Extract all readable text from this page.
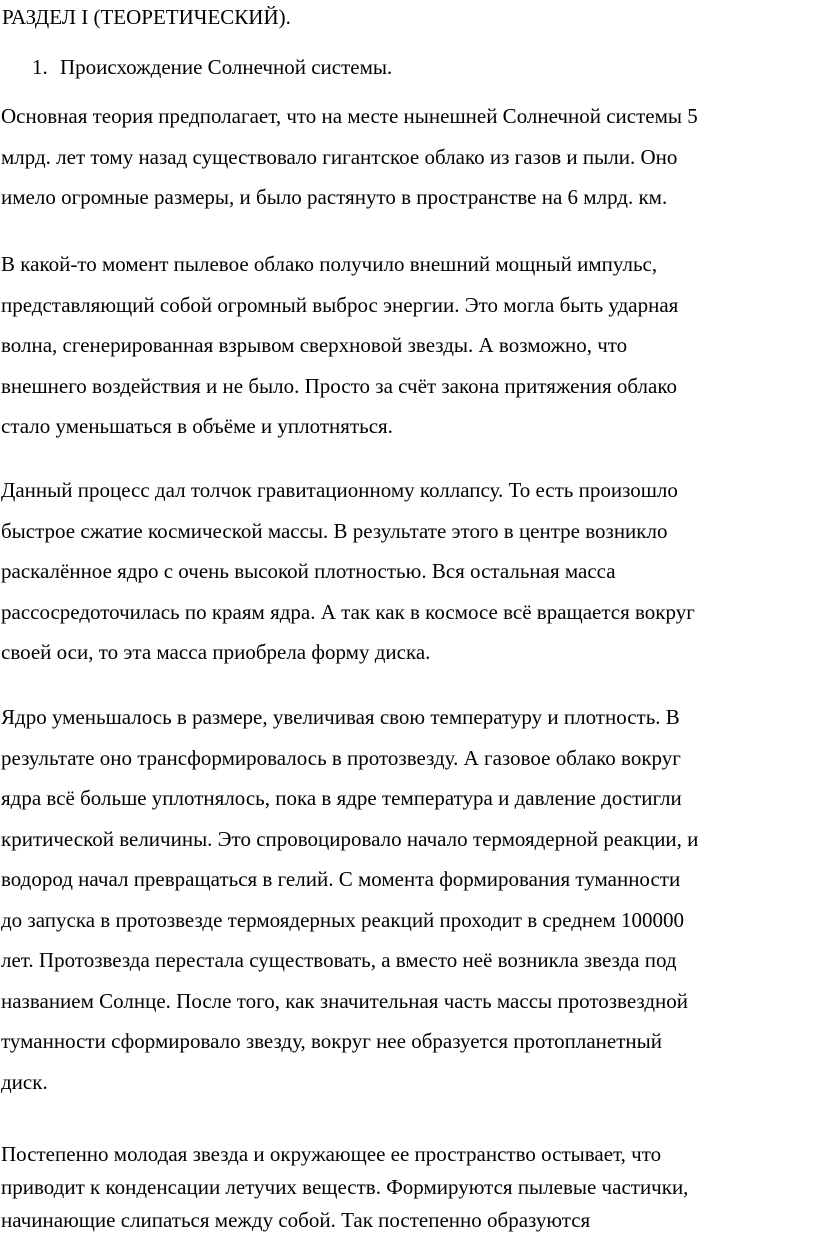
РАЗДЕЛ I (ТЕОРЕТИЧЕСКИЙ).

1. Происхождение Солнечной системы.

Основная теория предполагает, что на месте нынешней Солнечной системы 5
млрд. лет тому назад существовало гигантское облако из газов и пыли. Оно
имело огромные размеры, и было растянуто в пространстве на 6 млрд. км.

В какой-то момент пылевое облако получило внешний мощный импульс,
представляющий собой огромный выброс энергии. Это могла быть ударная
волна, сгенерированная взрывом сверхновой звезды. А возможно, что
внешнего воздействия и не было. Просто за счёт закона притяжения облако
стало уменьшаться в объёме и уплотняться.

Данный процесс дал толчок гравитационному коллапсу. То есть произошло
быстрое сжатие космической массы. В результате этого в центре возникло
раскалённое ядро с очень высокой плотностью. Вся остальная масса
рассосредоточилась по краям ядра. А так как в космосе всё вращается вокруг
своей оси, то эта масса приобрела форму диска.

Ядро уменьшалось в размере, увеличивая свою температуру и плотность. В
результате оно трансформировалось в протозвезду. А газовое облако вокруг
ядра всё больше уплотнялось, пока в ядре температура и давление достигли
критической величины. Это спровоцировало начало термоядерной реакции, и
водород начал превращаться в гелий. С момента формирования туманности
до запуска в протозвезде термоядерных реакций проходит в среднем 100000
лет. Протозвезда перестала существовать, а вместо неё возникла звезда под
названием Солнце. После того, как значительная часть массы протозвездной
туманности сформировало звезду, вокруг нее образуется протопланетный
диск.

Постепенно молодая звезда и окружающее ее пространство остывает, что
приводит к конденсации летучих веществ. Формируются пылевые частички,
начинающие слипаться между собой. Так постепенно образуются
